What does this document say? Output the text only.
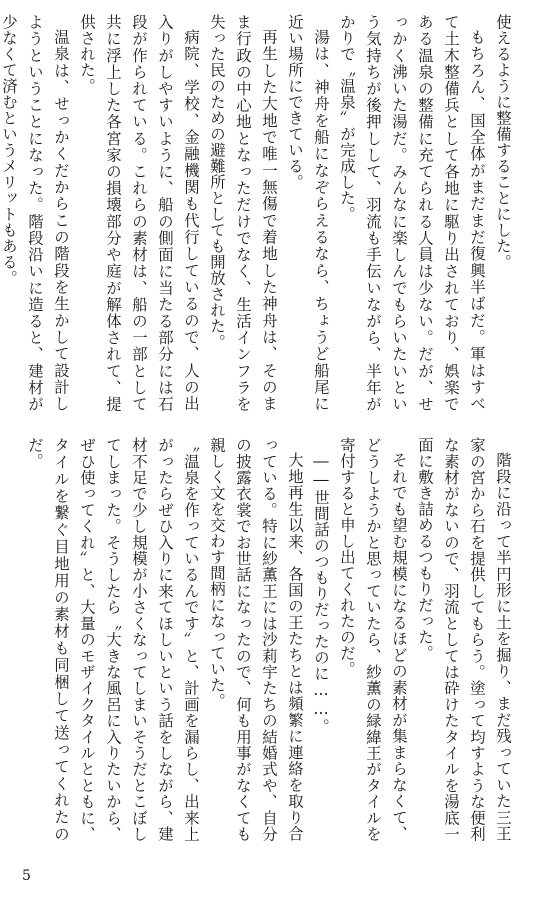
使えるように整備することにした。

もちろん、国全体がまだまだ復興半ばだ。軍はすべて土木整備兵として各地に駆り出されており、娯楽である温泉の整備に充てられる人員は少ない。だが、せっかく沸いた湯だ。みんなに楽しんでもらいたいという気持ちが後押しして、羽流も手伝いながら、半年がかりで〝温泉〟が完成した。

湯は、神舟を船になぞらえるなら、ちょうど船尾に近い場所にできている。

再生した大地で唯一無傷で着地した神舟は、そのまま行政の中心地となっただけでなく、生活インフラを失った民のための避難所としても開放された。

病院、学校、金融機関も代行しているので、人の出入りがしやすいように、船の側面に当たる部分には石段が作られている。これらの素材は、船の一部として共に浮上した各宮家の損壊部分や庭が解体されて、提供された。

温泉は、せっかくだからこの階段を生かして設計しようということになった。階段沿いに造ると、建材が少なくて済むというメリットもある。

階段に沿って半円形に土を掘り、まだ残っていた三王家の宮から石を提供してもらう。塗って均すような便利な素材がないので、羽流としては砕けたタイルを湯底一面に敷き詰めるつもりだった。

それでも望む規模になるほどの素材が集まらなくて、どうしようかと思っていたら、紗薫の緑緯王がタイルを寄付すると申し出てくれたのだ。

――世間話のつもりだったのに……。

大地再生以来、各国の王たちとは頻繁に連絡を取り合っている。特に紗薫王には沙莉宇たちの結婚式や、自分の披露衣裳でお世話になったので、何も用事がなくても親しく文を交わす間柄になっていた。

〝温泉を作っているんです〟と、計画を漏らし、出来上がったらぜひ入りに来てほしいという話をしながら、建材不足で少し規模が小さくなってしまいそうだとこぼしてしまった。そうしたら〝大きな風呂に入りたいから、ぜひ使ってくれ〟と、大量のモザイクタイルとともに、タイルを繋ぐ目地用の素材も同梱して送ってくれたのだ。

5
